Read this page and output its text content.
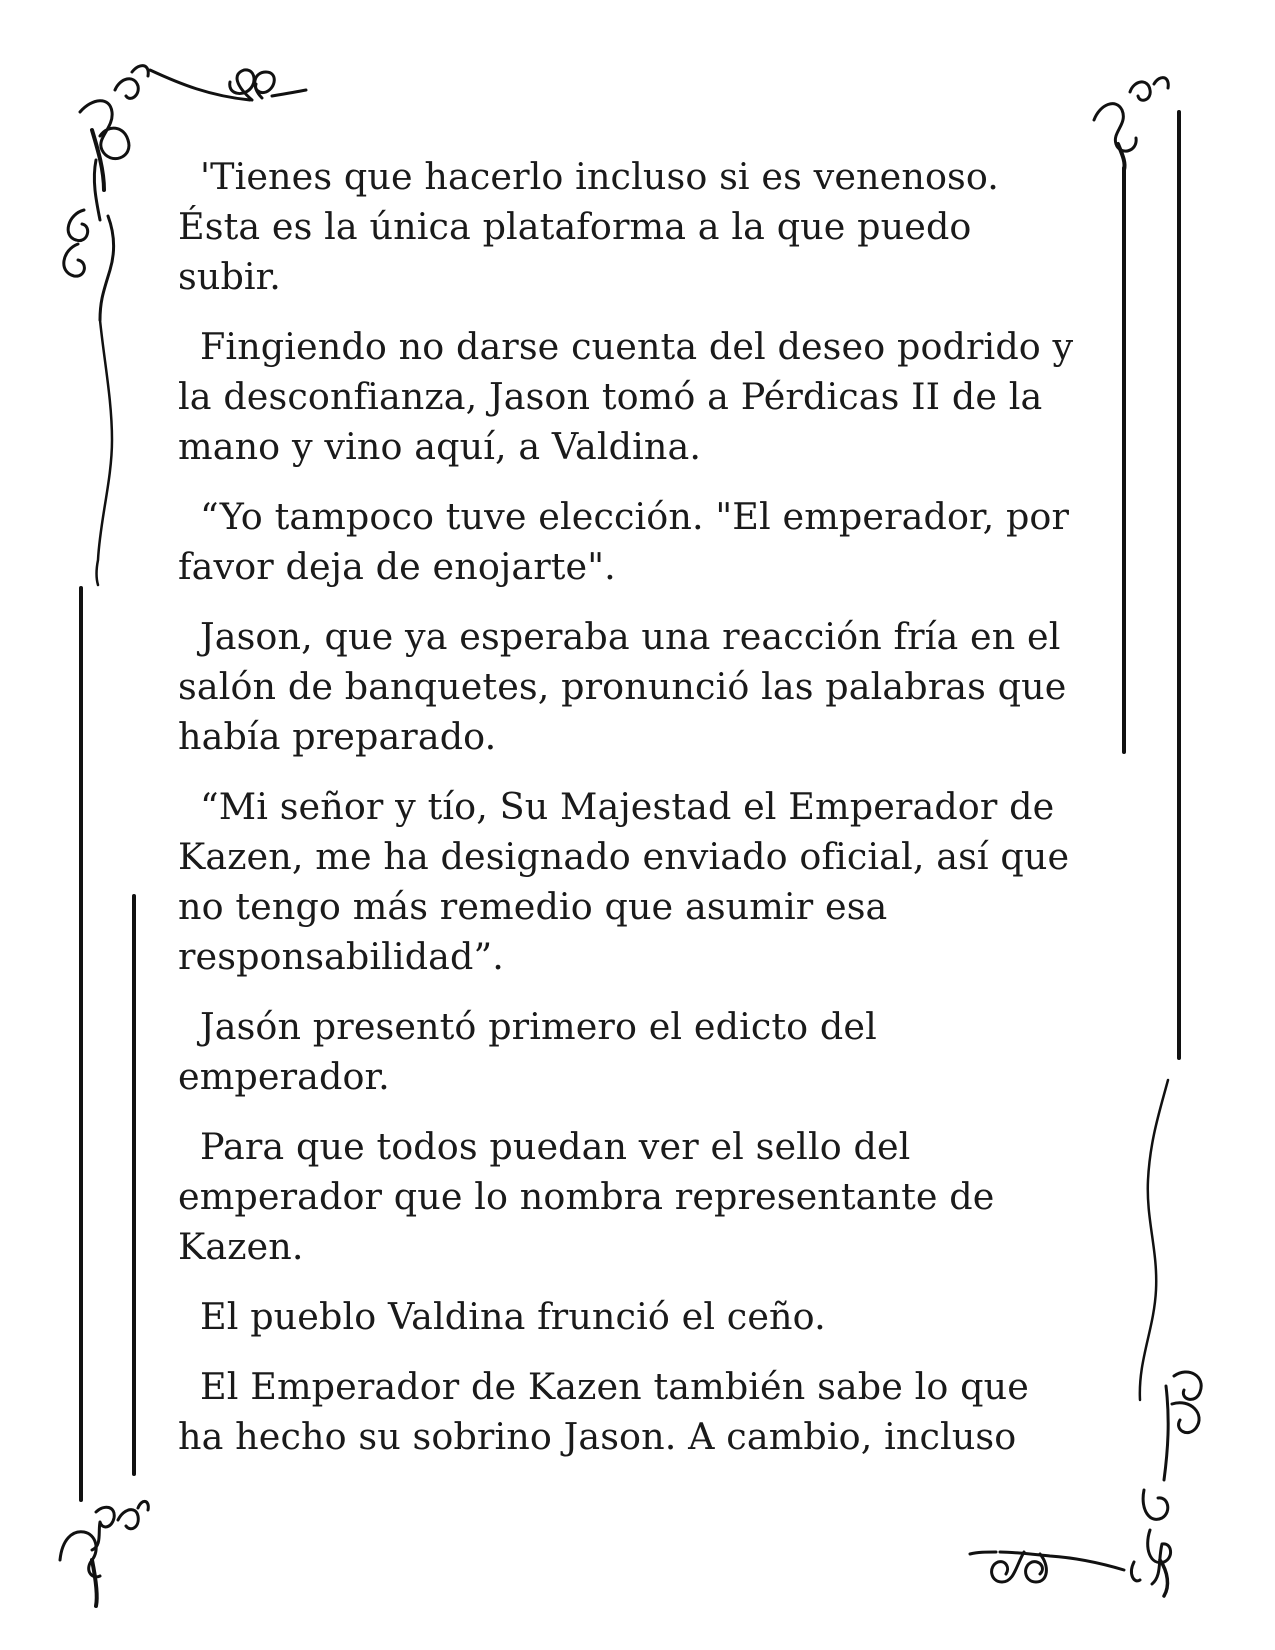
'Tienes que hacerlo incluso si es venenoso. Ésta es la única plataforma a la que puedo subir.

Fingiendo no darse cuenta del deseo podrido y la desconfianza, Jason tomó a Pérdicas II de la mano y vino aquí, a Valdina.

“Yo tampoco tuve elección. "El emperador, por favor deja de enojarte".

Jason, que ya esperaba una reacción fría en el salón de banquetes, pronunció las palabras que había preparado.

“Mi señor y tío, Su Majestad el Emperador de Kazen, me ha designado enviado oficial, así que no tengo más remedio que asumir esa responsabilidad”.

Jasón presentó primero el edicto del emperador.

Para que todos puedan ver el sello del emperador que lo nombra representante de Kazen.

El pueblo Valdina frunció el ceño.

El Emperador de Kazen también sabe lo que ha hecho su sobrino Jason. A cambio, incluso
